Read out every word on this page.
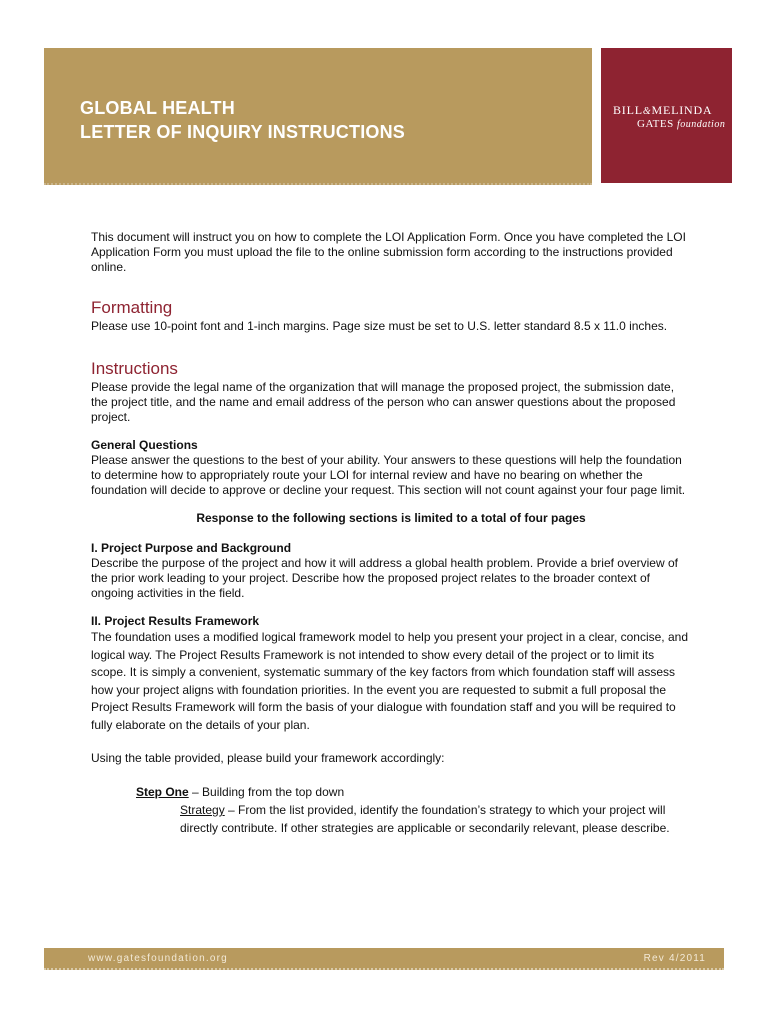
GLOBAL HEALTH
LETTER OF INQUIRY INSTRUCTIONS
BILL&MELINDA
GATES foundation

This document will instruct you on how to complete the LOI Application Form. Once you have completed the LOI Application Form you must upload the file to the online submission form according to the instructions provided online.

Formatting

Please use 10-point font and 1-inch margins. Page size must be set to U.S. letter standard 8.5 x 11.0 inches.

Instructions

Please provide the legal name of the organization that will manage the proposed project, the submission date, the project title, and the name and email address of the person who can answer questions about the proposed project.

General Questions

Please answer the questions to the best of your ability. Your answers to these questions will help the foundation to determine how to appropriately route your LOI for internal review and have no bearing on whether the foundation will decide to approve or decline your request. This section will not count against your four page limit.

Response to the following sections is limited to a total of four pages

I. Project Purpose and Background

Describe the purpose of the project and how it will address a global health problem. Provide a brief overview of the prior work leading to your project. Describe how the proposed project relates to the broader context of ongoing activities in the field.

II. Project Results Framework

The foundation uses a modified logical framework model to help you present your project in a clear, concise, and logical way. The Project Results Framework is not intended to show every detail of the project or to limit its scope. It is simply a convenient, systematic summary of the key factors from which foundation staff will assess how your project aligns with foundation priorities. In the event you are requested to submit a full proposal the Project Results Framework will form the basis of your dialogue with foundation staff and you will be required to fully elaborate on the details of your plan.

Using the table provided, please build your framework accordingly:

Step One – Building from the top down
Strategy – From the list provided, identify the foundation’s strategy to which your project will directly contribute. If other strategies are applicable or secondarily relevant, please describe.
www.gatesfoundation.org	Rev 4/2011
